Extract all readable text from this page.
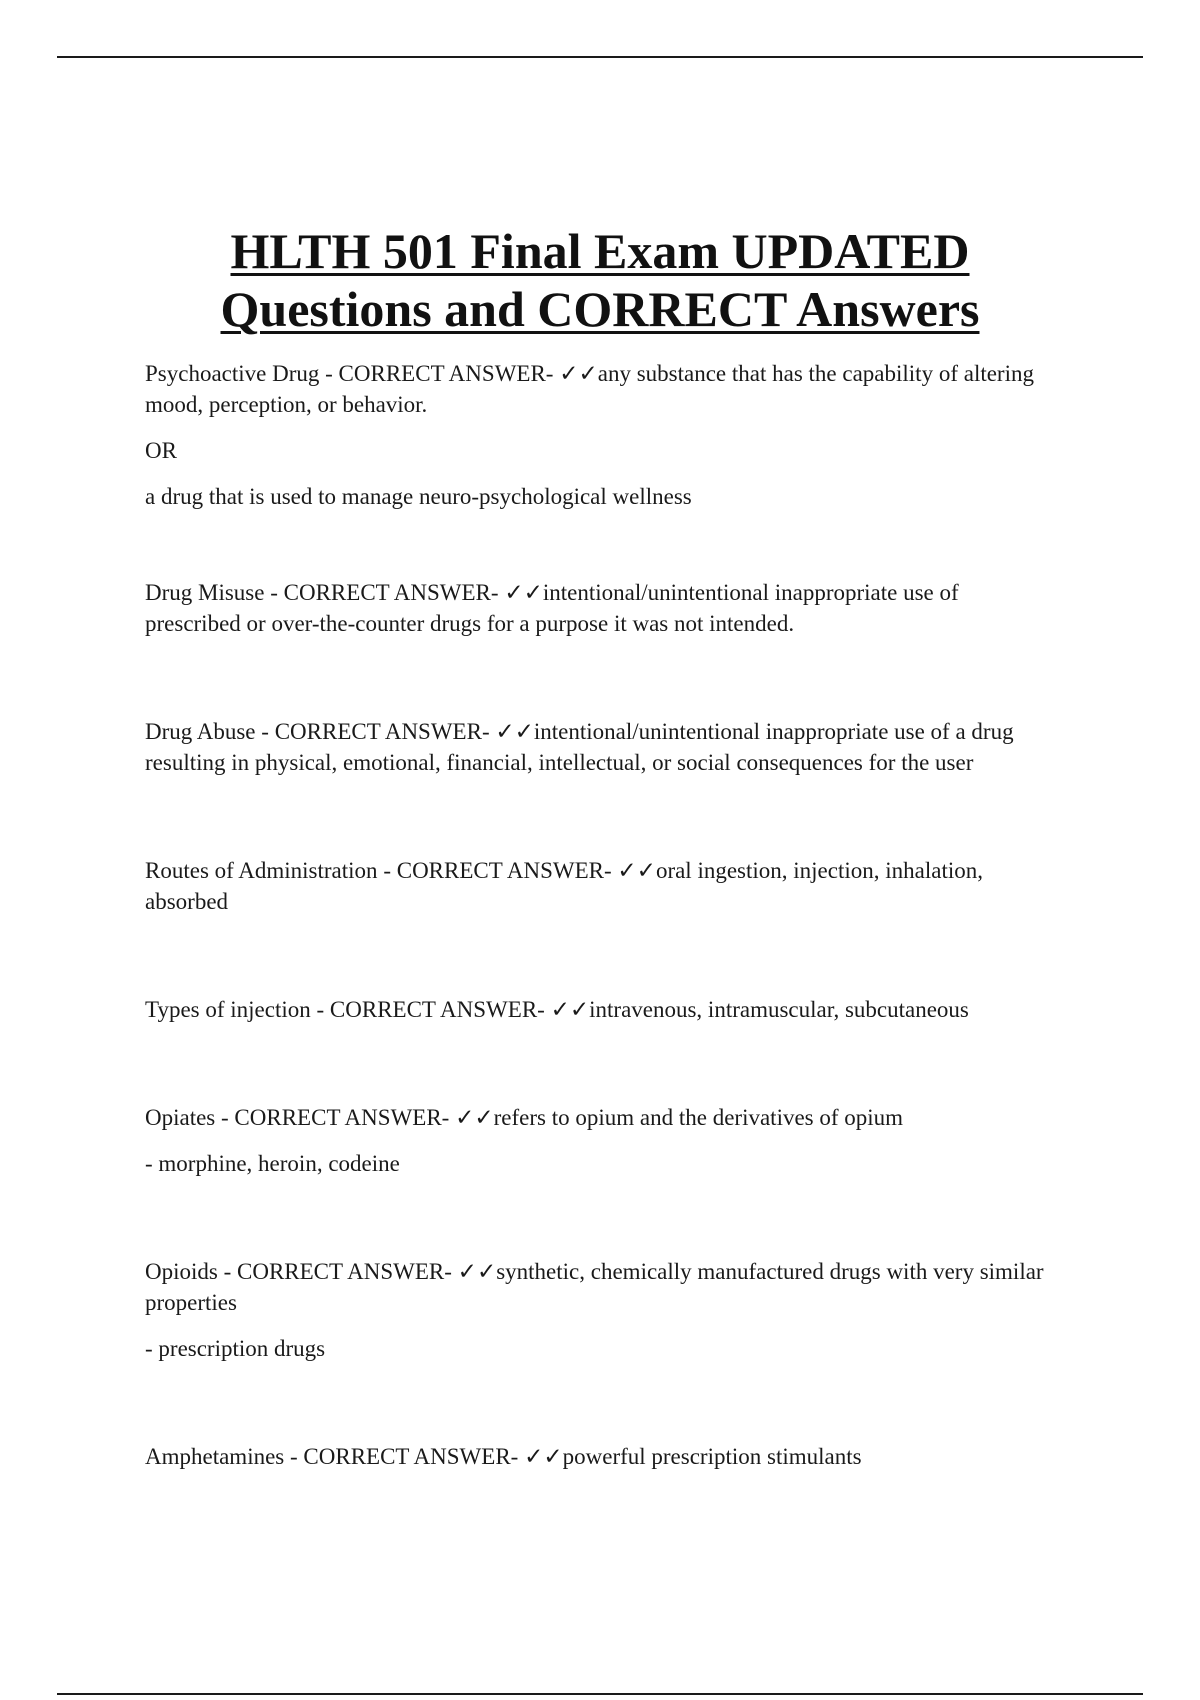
HLTH 501 Final Exam UPDATED
Questions and CORRECT Answers

Psychoactive Drug - CORRECT ANSWER- ✓✓any substance that has the capability of altering mood, perception, or behavior.

OR

a drug that is used to manage neuro-psychological wellness

Drug Misuse - CORRECT ANSWER- ✓✓intentional/unintentional inappropriate use of prescribed or over-the-counter drugs for a purpose it was not intended.

Drug Abuse - CORRECT ANSWER- ✓✓intentional/unintentional inappropriate use of a drug resulting in physical, emotional, financial, intellectual, or social consequences for the user

Routes of Administration - CORRECT ANSWER- ✓✓oral ingestion, injection, inhalation, absorbed

Types of injection - CORRECT ANSWER- ✓✓intravenous, intramuscular, subcutaneous

Opiates - CORRECT ANSWER- ✓✓refers to opium and the derivatives of opium

- morphine, heroin, codeine

Opioids - CORRECT ANSWER- ✓✓synthetic, chemically manufactured drugs with very similar properties

- prescription drugs

Amphetamines - CORRECT ANSWER- ✓✓powerful prescription stimulants
